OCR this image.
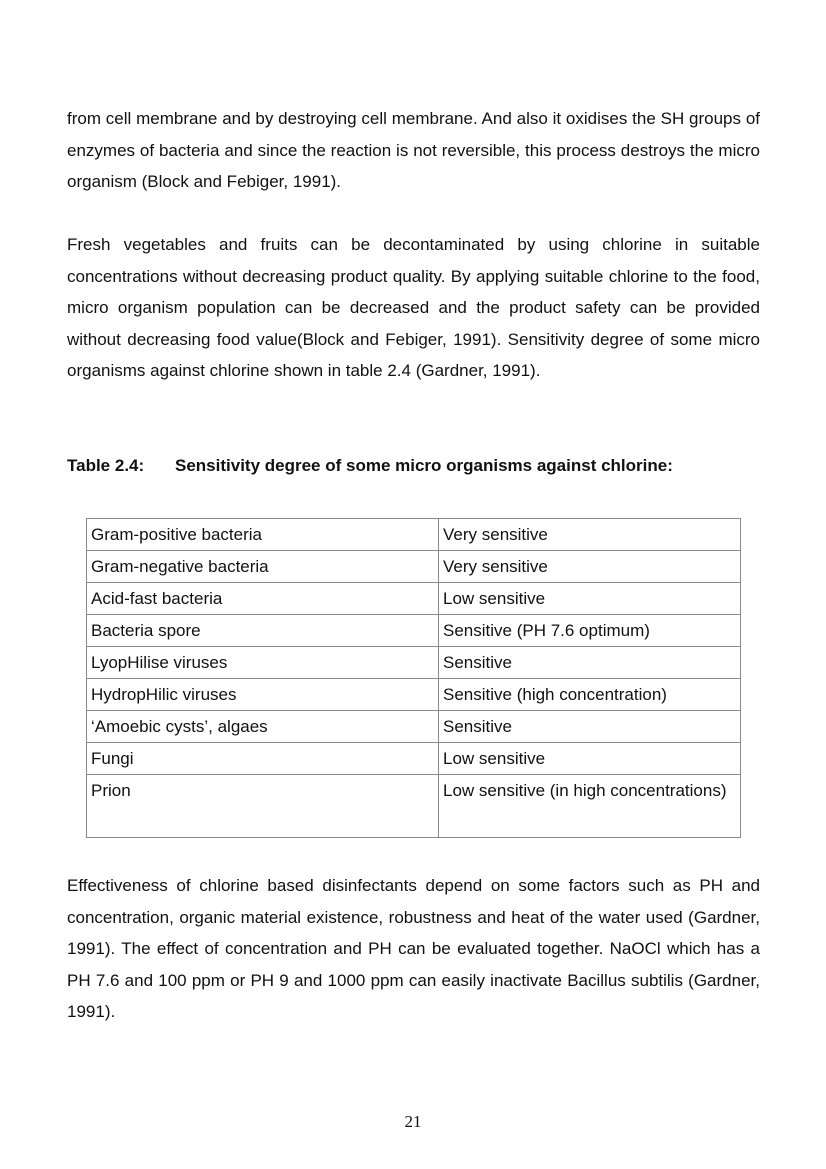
from cell membrane and by destroying cell membrane. And also it oxidises the SH groups of enzymes of bacteria and since the reaction is not reversible, this process destroys the micro organism (Block and Febiger, 1991).

Fresh vegetables and fruits can be decontaminated by using chlorine in suitable concentrations without decreasing product quality. By applying suitable chlorine to the food, micro organism population can be decreased and the product safety can be provided without decreasing food value(Block and Febiger, 1991). Sensitivity degree of some micro organisms against chlorine shown in table 2.4 (Gardner, 1991).

Table 2.4: Sensitivity degree of some micro organisms against chlorine:

Gram-positive bacteria	Very sensitive
Gram-negative bacteria	Very sensitive
Acid-fast bacteria	Low sensitive
Bacteria spore	Sensitive (PH 7.6 optimum)
LyopHilise viruses	Sensitive
HydropHilic viruses	Sensitive (high concentration)
‘Amoebic cysts’, algaes	Sensitive
Fungi	Low sensitive
Prion	Low sensitive (in high concentrations)

Effectiveness of chlorine based disinfectants depend on some factors such as PH and concentration, organic material existence, robustness and heat of the water used (Gardner, 1991). The effect of concentration and PH can be evaluated together. NaOCl which has a PH 7.6 and 100 ppm or PH 9 and 1000 ppm can easily inactivate Bacillus subtilis (Gardner, 1991).

21
